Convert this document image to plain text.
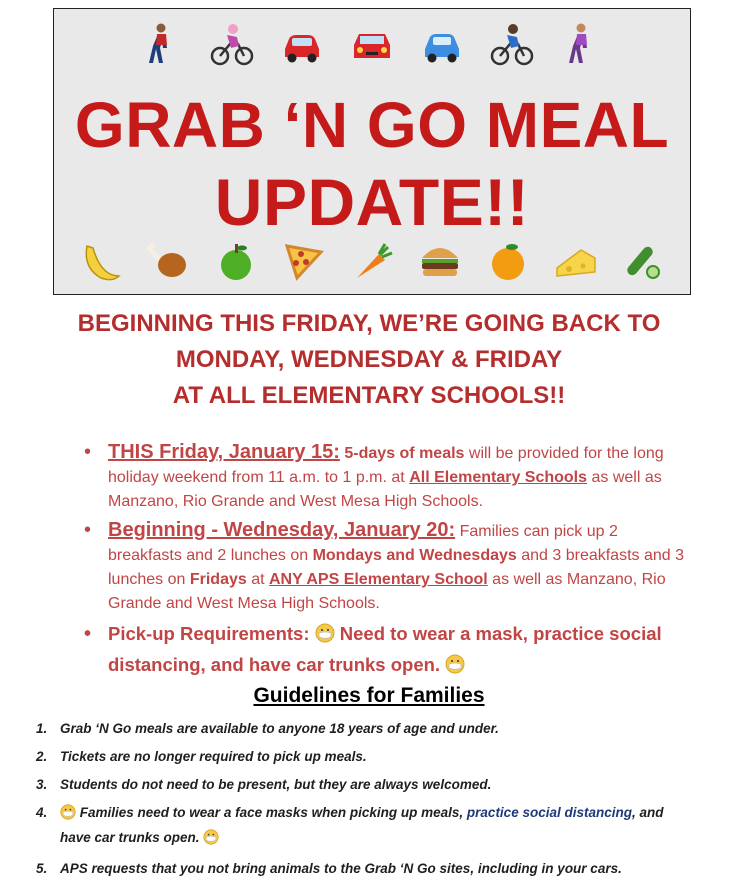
GRAB ‘N GO MEAL
UPDATE!!
BEGINNING THIS FRIDAY, WE’RE GOING BACK TO
MONDAY, WEDNESDAY & FRIDAY
AT ALL ELEMENTARY SCHOOLS!!
• THIS Friday, January 15: 5-days of meals will be provided for the long holiday weekend from 11 a.m. to 1 p.m. at All Elementary Schools as well as Manzano, Rio Grande and West Mesa High Schools.
• Beginning - Wednesday, January 20: Families can pick up 2 breakfasts and 2 lunches on Mondays and Wednesdays and 3 breakfasts and 3 lunches on Fridays at ANY APS Elementary School as well as Manzano, Rio Grande and West Mesa High Schools.
• Pick-up Requirements:  Need to wear a mask, practice social distancing, and have car trunks open.
Guidelines for Families
1. Grab ‘N Go meals are available to anyone 18 years of age and under.
2. Tickets are no longer required to pick up meals.
3. Students do not need to be present, but they are always welcomed.
4. Families need to wear a face masks when picking up meals, practice social distancing, and have car trunks open.
5. APS requests that you not bring animals to the Grab ‘N Go sites, including in your cars.
